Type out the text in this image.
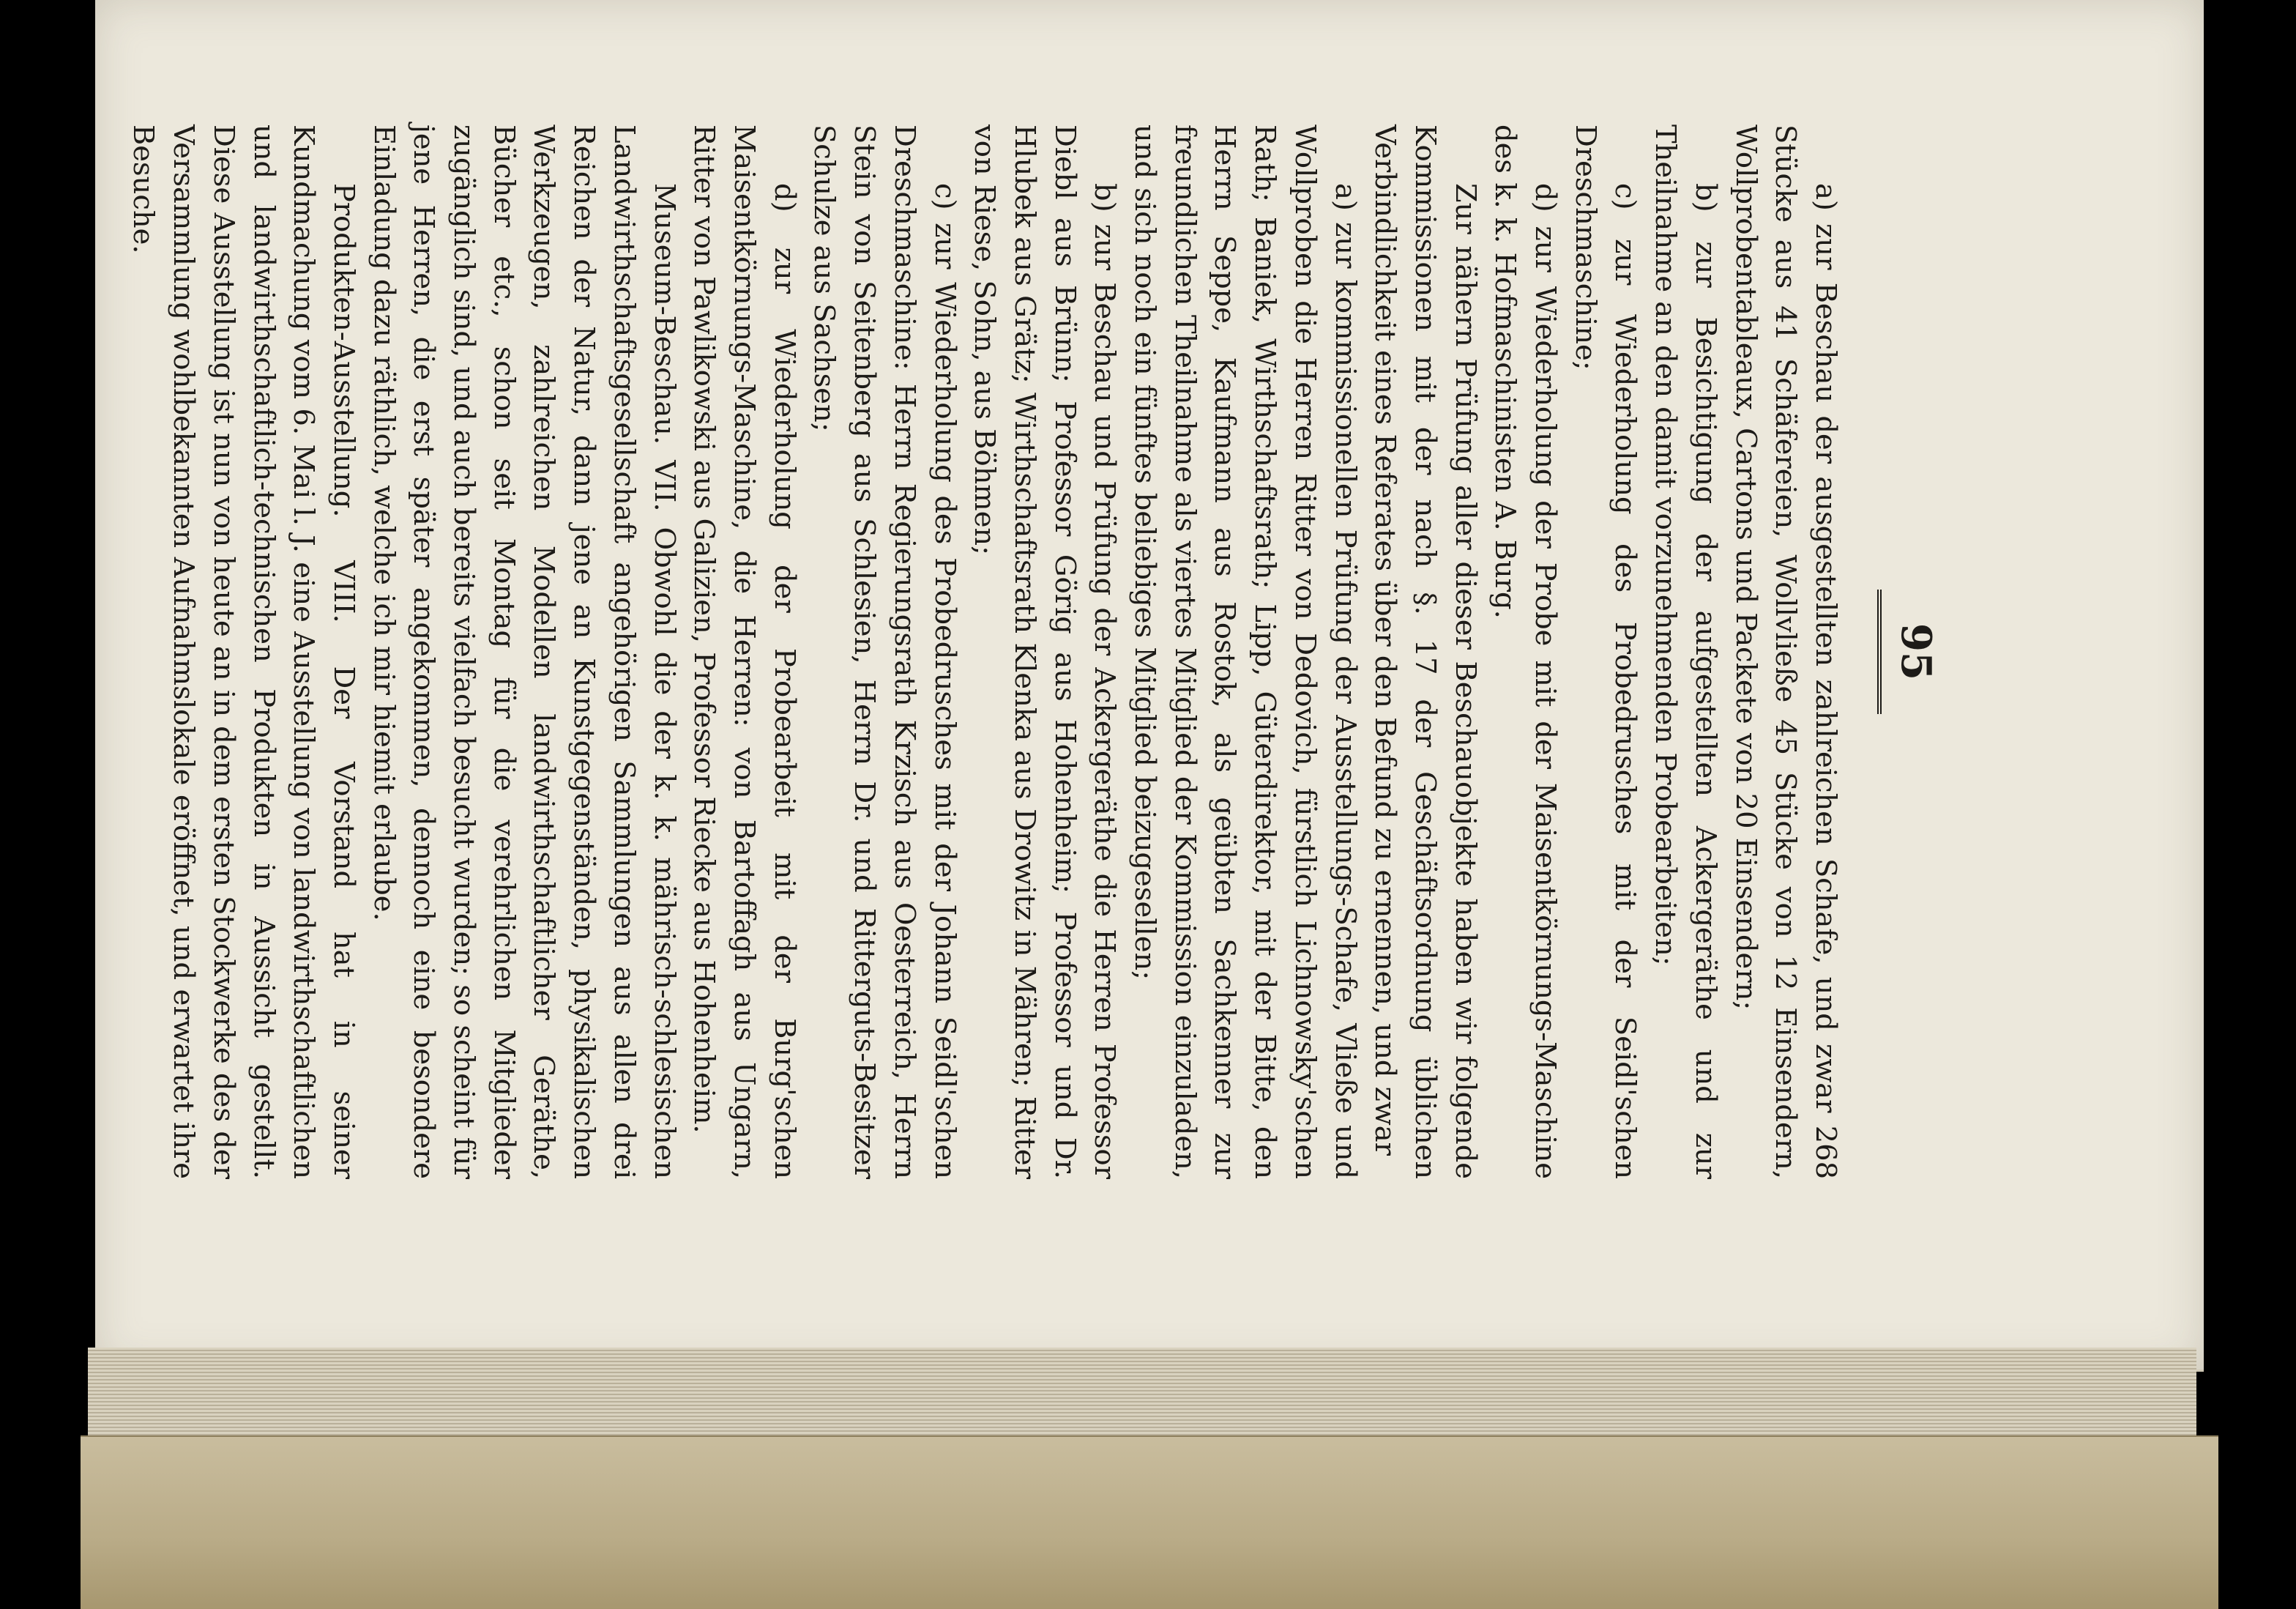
95

a) zur Beschau der ausgestellten zahlreichen Schafe, und zwar 268 Stücke aus 41 Schäfereien, Wollvließe 45 Stücke von 12 Einsendern, Wollprobentableaux, Cartons und Packete von 20 Einsendern;

b) zur Besichtigung der aufgestellten Ackergeräthe und zur Theilnahme an den damit vorzunehmenden Probearbeiten;

c) zur Wiederholung des Probedrusches mit der Seidl'schen Dreschmaschine;

d) zur Wiederholung der Probe mit der Maisentkörnungs-Maschine des k. k. Hofmaschinisten A. Burg.

Zur nähern Prüfung aller dieser Beschauobjekte haben wir folgende Kommissionen mit der nach §. 17 der Geschäftsordnung üblichen Verbindlichkeit eines Referates über den Befund zu ernennen, und zwar

a) zur kommissionellen Prüfung der Ausstellungs-Schafe, Vließe und Wollproben die Herren Ritter von Dedovich, fürstlich Lichnowsky'schen Rath; Baniek, Wirthschaftsrath; Lipp, Güterdirektor, mit der Bitte, den Herrn Seppe, Kaufmann aus Rostok, als geübten Sachkenner zur freundlichen Theilnahme als viertes Mitglied der Kommission einzuladen, und sich noch ein fünftes beliebiges Mitglied beizugesellen;

b) zur Beschau und Prüfung der Ackergeräthe die Herren Professor Diebl aus Brünn; Professor Görig aus Hohenheim; Professor und Dr. Hlubek aus Grätz; Wirthschaftsrath Klenka aus Drowitz in Mähren; Ritter von Riese, Sohn, aus Böhmen;

c) zur Wiederholung des Probedrusches mit der Johann Seidl'schen Dreschmaschine: Herrn Regierungsrath Krzisch aus Oesterreich, Herrn Stein von Seitenberg aus Schlesien, Herrn Dr. und Ritterguts-Besitzer Schulze aus Sachsen;

d) zur Wiederholung der Probearbeit mit der Burg'schen Maisentkörnungs-Maschine, die Herren: von Bartoffagh aus Ungarn, Ritter von Pawlikowski aus Galizien, Professor Riecke aus Hohenheim.

Museum-Beschau. VII. Obwohl die der k. k. mährisch-schlesischen Landwirthschaftsgesellschaft angehörigen Sammlungen aus allen drei Reichen der Natur, dann jene an Kunstgegenständen, physikalischen Werkzeugen, zahlreichen Modellen landwirthschaftlicher Geräthe, Bücher etc., schon seit Montag für die verehrlichen Mitglieder zugänglich sind, und auch bereits vielfach besucht wurden; so scheint für jene Herren, die erst später angekommen, dennoch eine besondere Einladung dazu räthlich, welche ich mir hiemit erlaube.

Produkten-Ausstellung. VIII. Der Vorstand hat in seiner Kundmachung vom 6. Mai l. J. eine Ausstellung von landwirthschaftlichen und landwirthschaftlich-technischen Produkten in Aussicht gestellt. Diese Ausstellung ist nun von heute an in dem ersten Stockwerke des der Versammlung wohlbekannten Aufnahmslokale eröffnet, und erwartet ihre Besuche.
